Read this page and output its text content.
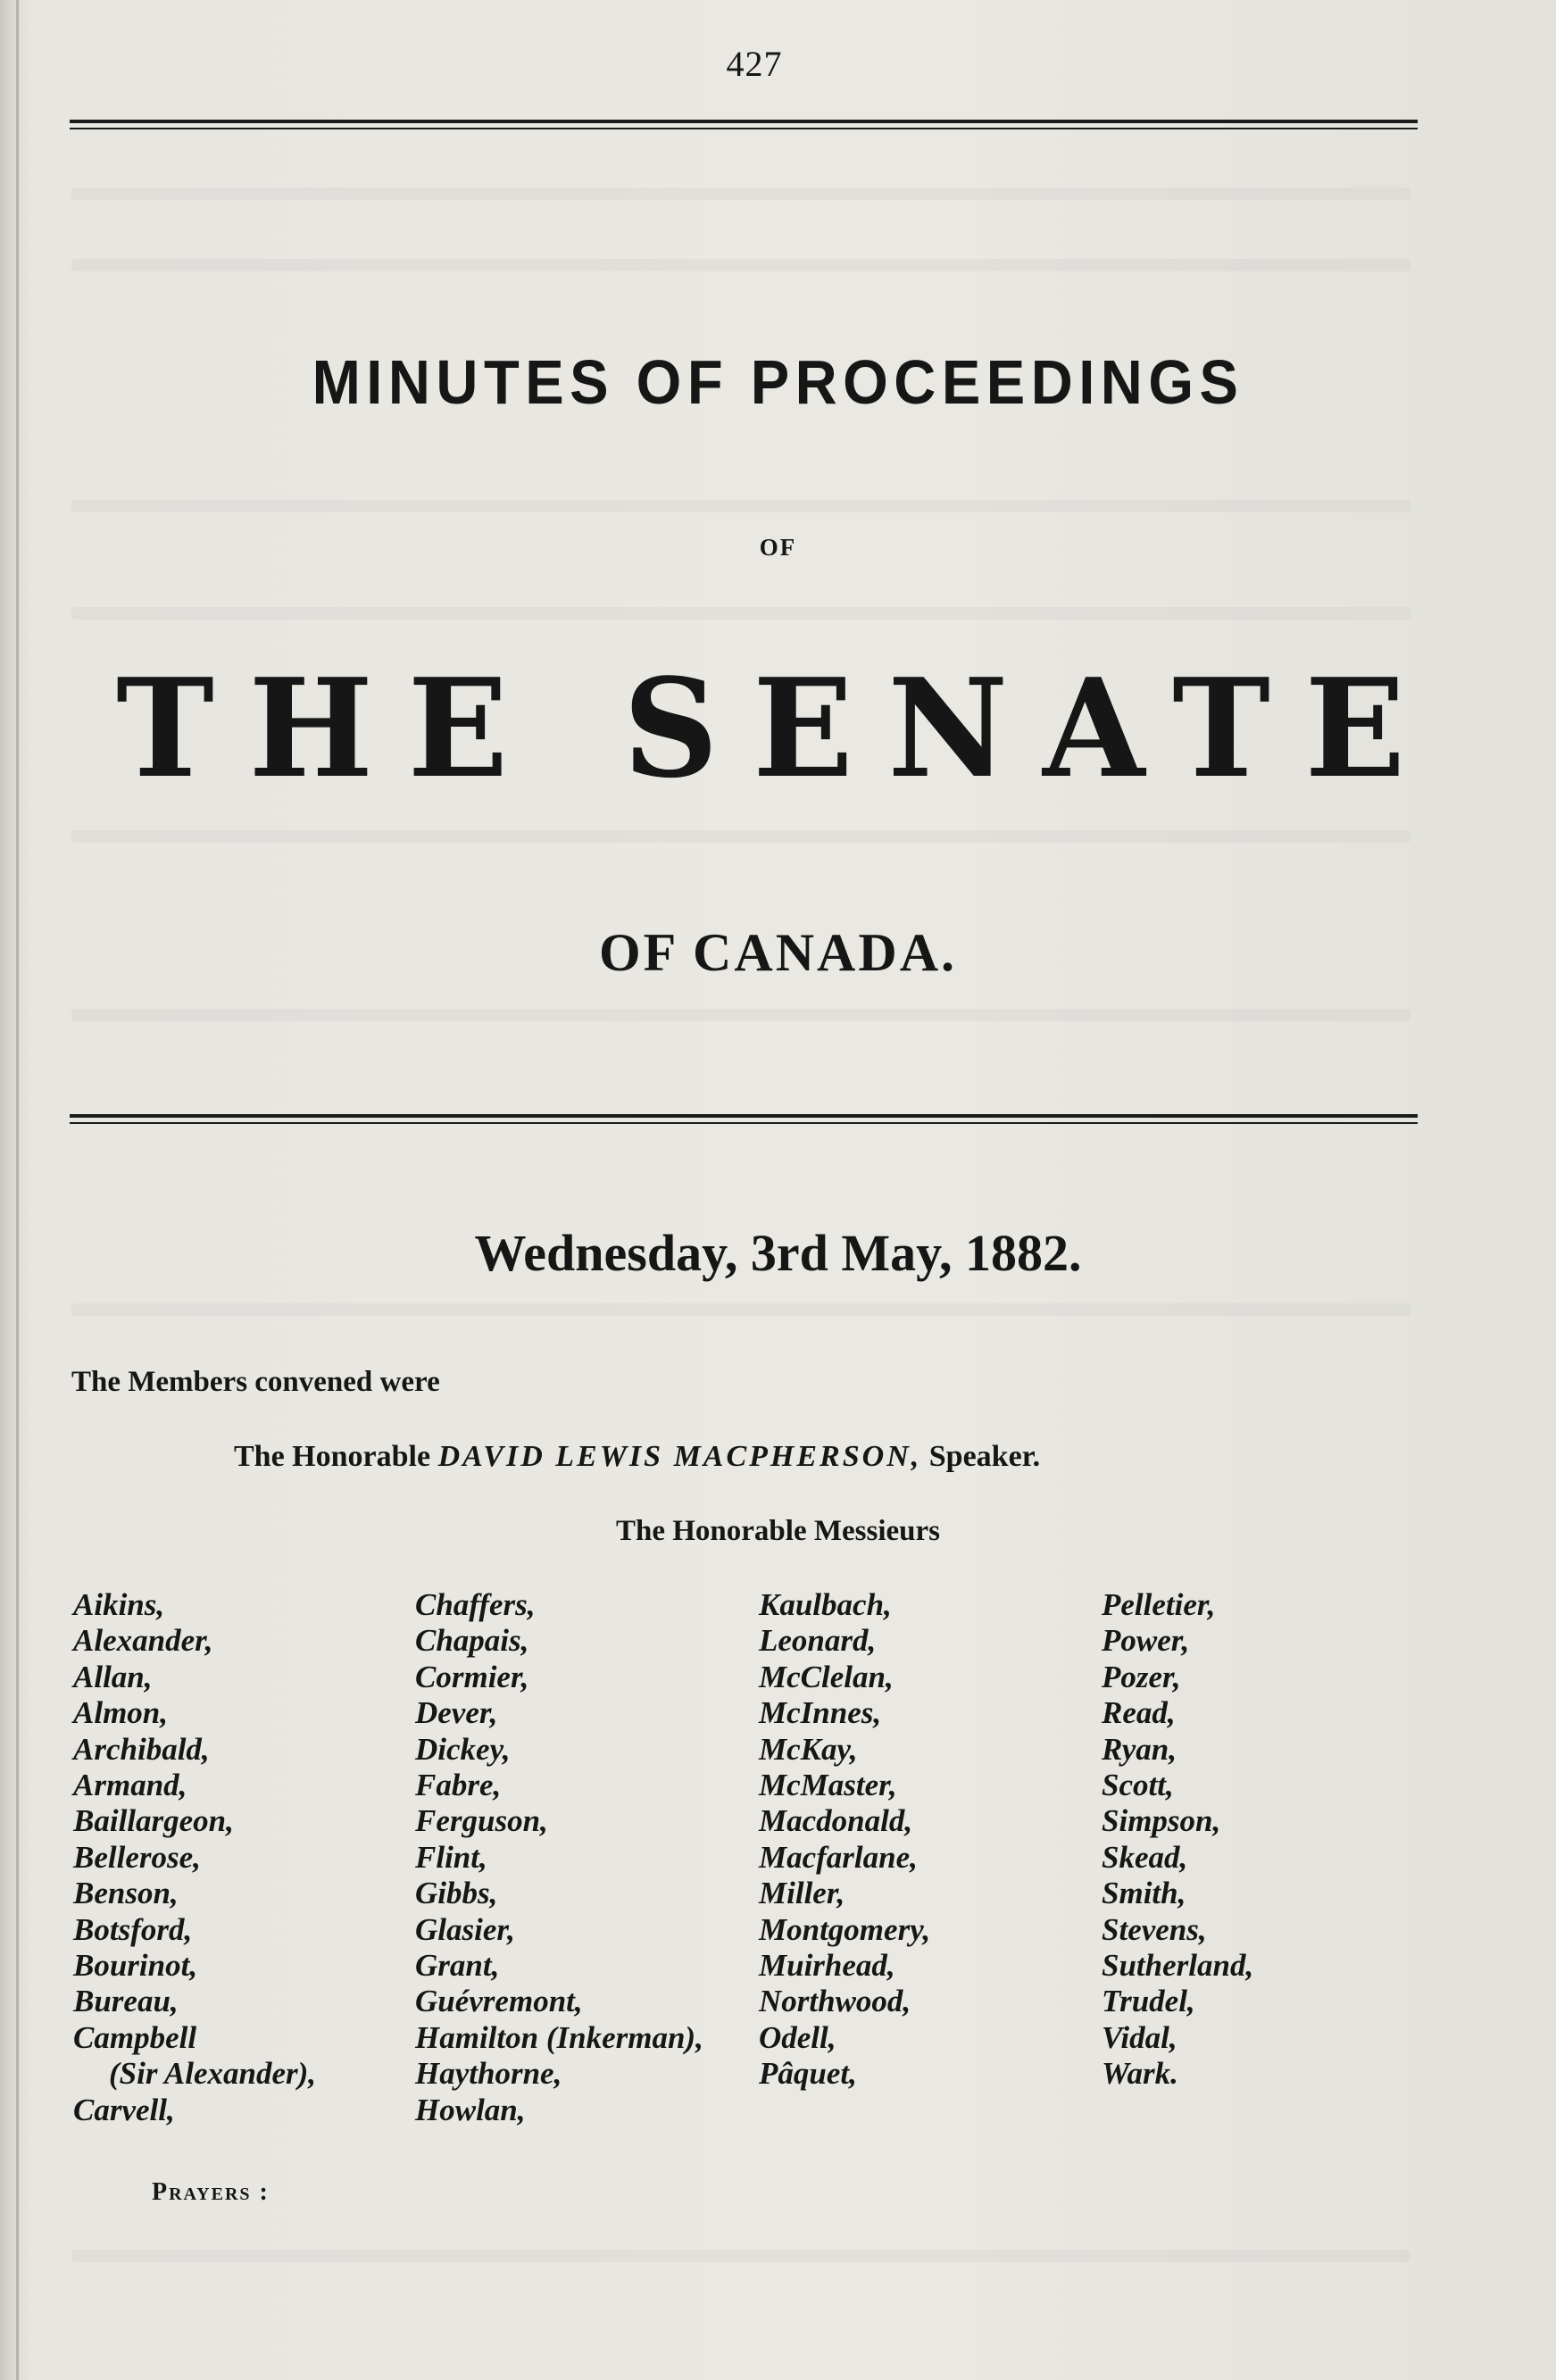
427
MINUTES OF PROCEEDINGS
OF
THE SENATE
OF CANADA.
Wednesday, 3rd May, 1882.
The Members convened were
The Honorable DAVID LEWIS MACPHERSON, Speaker.
The Honorable Messieurs
Aikins,
Alexander,
Allan,
Almon,
Archibald,
Armand,
Baillargeon,
Bellerose,
Benson,
Botsford,
Bourinot,
Bureau,
Campbell
(Sir Alexander),
Carvell,
Chaffers,
Chapais,
Cormier,
Dever,
Dickey,
Fabre,
Ferguson,
Flint,
Gibbs,
Glasier,
Grant,
Guévremont,
Hamilton (Inkerman),
Haythorne,
Howlan,
Kaulbach,
Leonard,
McClelan,
McInnes,
McKay,
McMaster,
Macdonald,
Macfarlane,
Miller,
Montgomery,
Muirhead,
Northwood,
Odell,
Pâquet,
Pelletier,
Power,
Pozer,
Read,
Ryan,
Scott,
Simpson,
Skead,
Smith,
Stevens,
Sutherland,
Trudel,
Vidal,
Wark.
Prayers :
